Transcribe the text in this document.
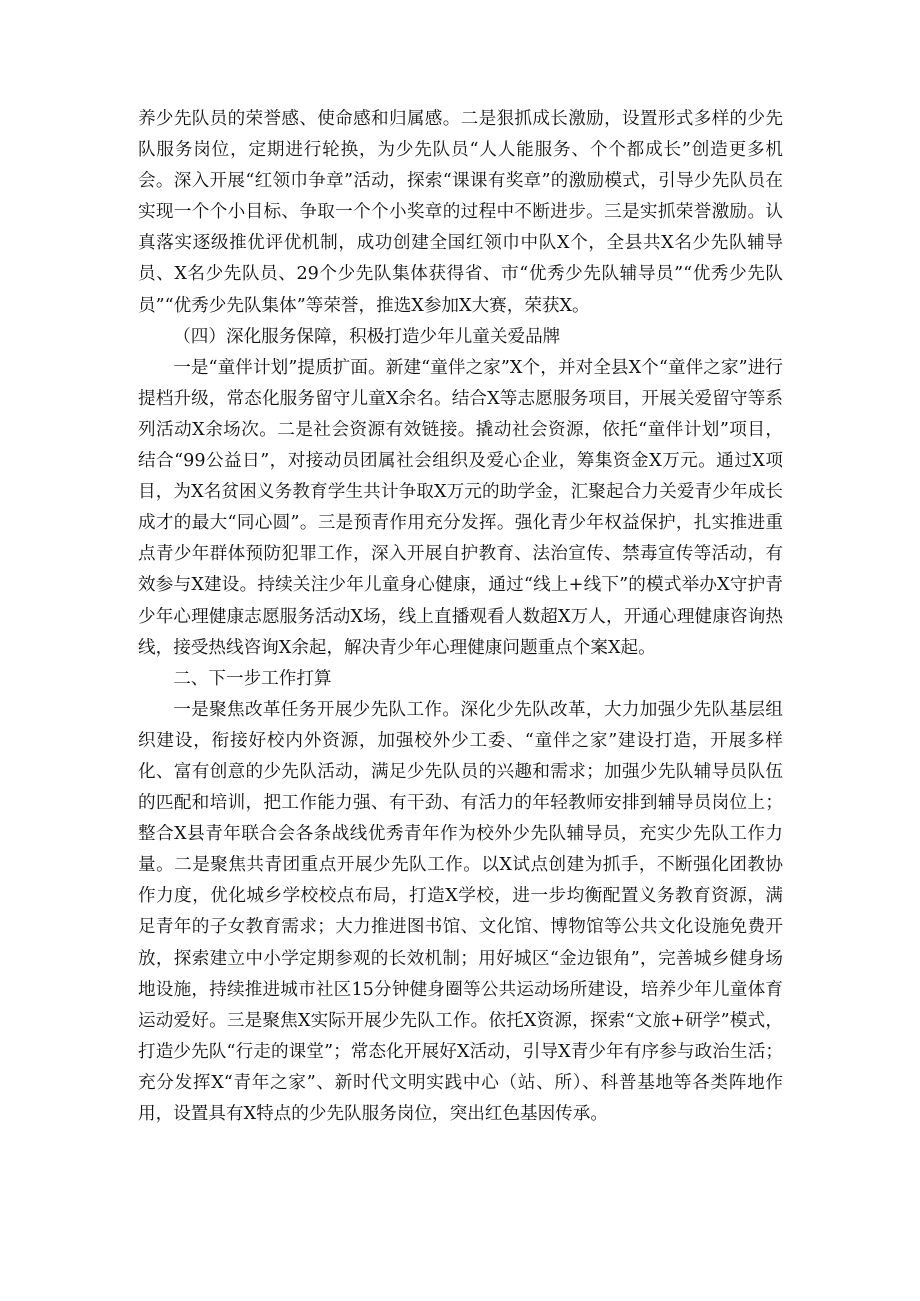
养少先队员的荣誉感、使命感和归属感。二是狠抓成长激励，设置形式多样的少先队服务岗位，定期进行轮换，为少先队员“人人能服务、个个都成长”创造更多机会。深入开展“红领巾争章”活动，探索“课课有奖章”的激励模式，引导少先队员在实现一个个小目标、争取一个个小奖章的过程中不断进步。三是实抓荣誉激励。认真落实逐级推优评优机制，成功创建全国红领巾中队X个，全县共X名少先队辅导员、X名少先队员、29个少先队集体获得省、市“优秀少先队辅导员”“优秀少先队员”“优秀少先队集体”等荣誉，推选X参加X大赛，荣获X。

（四）深化服务保障，积极打造少年儿童关爱品牌

一是“童伴计划”提质扩面。新建“童伴之家”X个，并对全县X个“童伴之家”进行提档升级，常态化服务留守儿童X余名。结合X等志愿服务项目，开展关爱留守等系列活动X余场次。二是社会资源有效链接。撬动社会资源，依托“童伴计划”项目，结合“99公益日”，对接动员团属社会组织及爱心企业，筹集资金X万元。通过X项目，为X名贫困义务教育学生共计争取X万元的助学金，汇聚起合力关爱青少年成长成才的最大“同心圆”。三是预青作用充分发挥。强化青少年权益保护，扎实推进重点青少年群体预防犯罪工作，深入开展自护教育、法治宣传、禁毒宣传等活动，有效参与X建设。持续关注少年儿童身心健康，通过“线上+线下”的模式举办X守护青少年心理健康志愿服务活动X场，线上直播观看人数超X万人，开通心理健康咨询热线，接受热线咨询X余起，解决青少年心理健康问题重点个案X起。

二、下一步工作打算

一是聚焦改革任务开展少先队工作。深化少先队改革，大力加强少先队基层组织建设，衔接好校内外资源，加强校外少工委、“童伴之家”建设打造，开展多样化、富有创意的少先队活动，满足少先队员的兴趣和需求；加强少先队辅导员队伍的匹配和培训，把工作能力强、有干劲、有活力的年轻教师安排到辅导员岗位上；整合X县青年联合会各条战线优秀青年作为校外少先队辅导员，充实少先队工作力量。二是聚焦共青团重点开展少先队工作。以X试点创建为抓手，不断强化团教协作力度，优化城乡学校校点布局，打造X学校，进一步均衡配置义务教育资源，满足青年的子女教育需求；大力推进图书馆、文化馆、博物馆等公共文化设施免费开放，探索建立中小学定期参观的长效机制；用好城区“金边银角”，完善城乡健身场地设施，持续推进城市社区15分钟健身圈等公共运动场所建设，培养少年儿童体育运动爱好。三是聚焦X实际开展少先队工作。依托X资源，探索“文旅+研学”模式，打造少先队“行走的课堂”；常态化开展好X活动，引导X青少年有序参与政治生活；充分发挥X“青年之家”、新时代文明实践中心（站、所）、科普基地等各类阵地作用，设置具有X特点的少先队服务岗位，突出红色基因传承。
